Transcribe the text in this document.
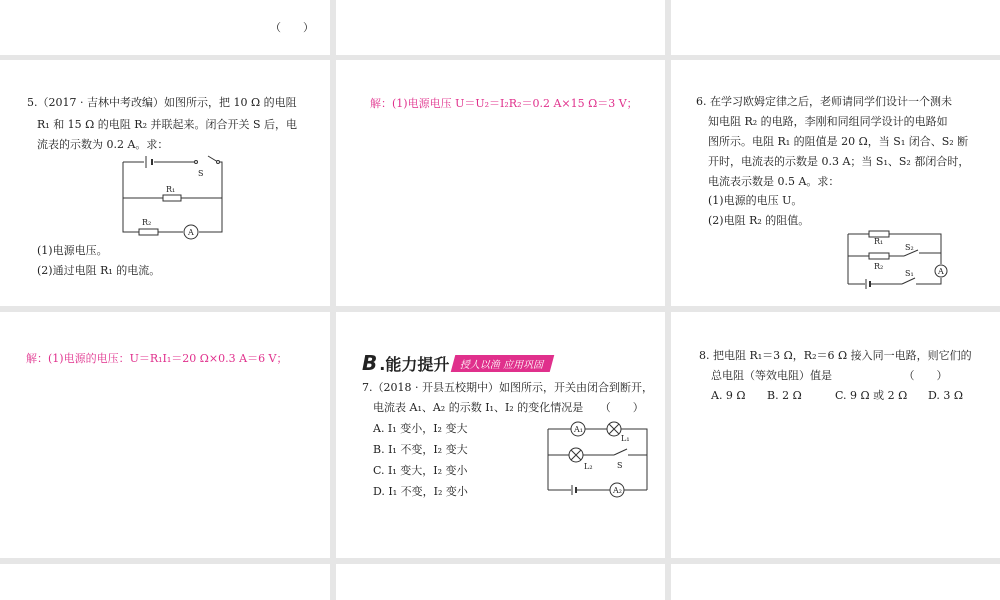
（　　）
5.（2017 · 吉林中考改编）如图所示，把 10 Ω 的电阻
R₁ 和 15 Ω 的电阻 R₂ 并联起来。闭合开关 S 后，电
流表的示数为 0.2 A。求：
S
R₁
R₂
A
(1)电源电压。
(2)通过电阻 R₁ 的电流。
解：(1)电源电压 U＝U₂＝I₂R₂＝0.2 A×15 Ω＝3 V；	6. 在学习欧姆定律之后，老师请同学们设计一个测未
知电阻 R₂ 的电路，李刚和同组同学设计的电路如
图所示。电阻 R₁ 的阻值是 20 Ω，当 S₁ 闭合、S₂ 断
开时，电流表的示数是 0.3 A；当 S₁、S₂ 都闭合时，
电流表示数是 0.5 A。求：
(1)电源的电压 U。
(2)电阻 R₂ 的阻值。
R₁
R₂
S₂
A
S₁
解：(1)电源的电压：U＝R₁I₁＝20 Ω×0.3 A＝6 V；	B .能力提升 授人以渔 应用巩固
7.（2018 · 开县五校期中）如图所示，开关由闭合到断开，
电流表 A₁、A₂ 的示数 I₁、I₂ 的变化情况是　　（　　）
A. I₁ 变小，I₂ 变大
B. I₁ 不变，I₂ 变大
C. I₁ 变大，I₂ 变小
D. I₁ 不变，I₂ 变小
A₁
L₁
L₂	S
A₂
8. 把电阻 R₁＝3 Ω，R₂＝6 Ω 接入同一电路，则它们的
总电阻（等效电阻）值是　　　　　　　（　　）
A. 9 Ω B. 2 Ω	C. 9 Ω 或 2 Ω D. 3 Ω
